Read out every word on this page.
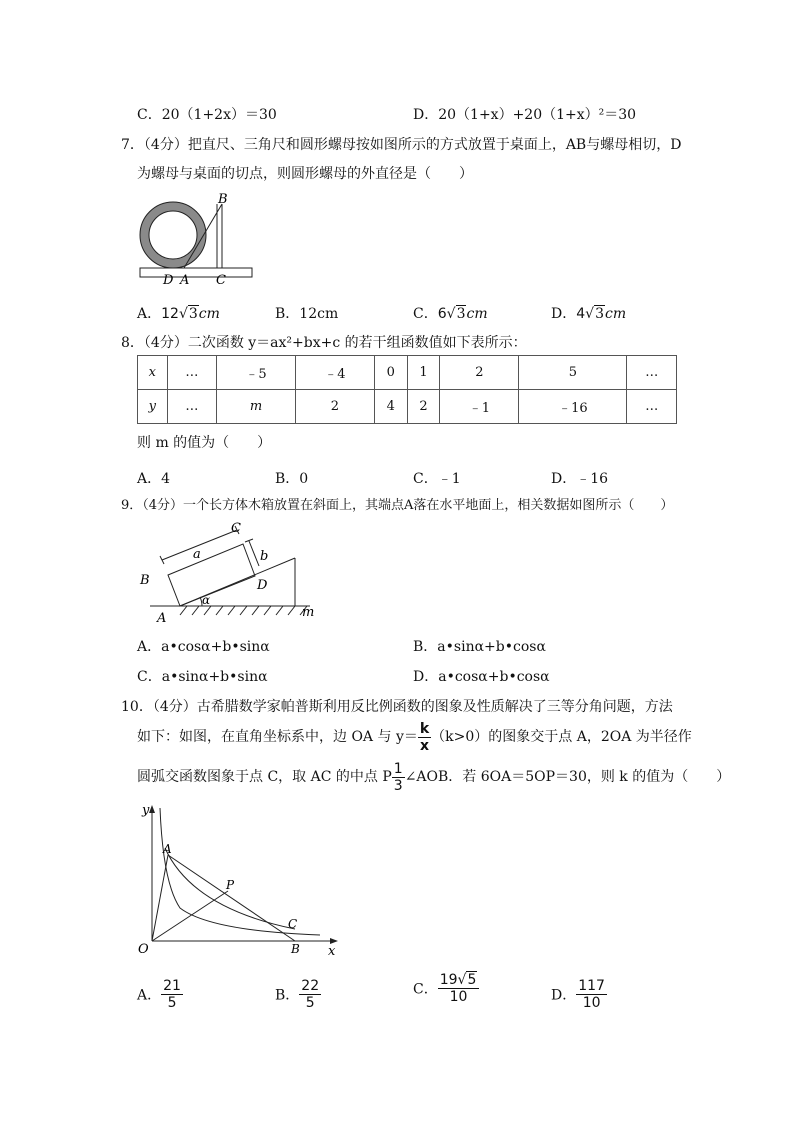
C．20（1+2x）＝30	D．20（1+x）+20（1+x）²＝30
7．（4分）把直尺、三角尺和圆形螺母按如图所示的方式放置于桌面上，AB与螺母相切，D
为螺母与桌面的切点，则圆形螺母的外直径是（　　）
B
D A C
A．12√3cm	B．12cm	C．6√3cm	D．4√3cm
8．（4分）二次函数 y＝ax²+bx+c 的若干组函数值如下表所示：
x	…	﹣5	﹣4	0	1	2	5	…
y	…	m	2	4	2	﹣1	﹣16	…
则 m 的值为（　　）
A．4	B．0	C．﹣1	D．﹣16
9．（4分）一个长方体木箱放置在斜面上，其端点A落在水平地面上，相关数据如图所示（　　）
C
a	b
B	D
α
A	m
A．a•cosα+b•sinα	B．a•sinα+b•cosα
C．a•sinα+b•sinα	D．a•cosα+b•cosα
10．（4分）古希腊数学家帕普斯利用反比例函数的图象及性质解决了三等分角问题，方法
如下：如图，在直角坐标系中，边 OA 与 $y= \frac{k}{x} (k>0)$的图象交于点 A，2OA 为半径作
圆弧交函数图象于点 C，取 AC 的中点 P $\frac{1}{3}$ ∠AOB．若 6OA＝5OP＝30，则 k 的值为（　　）
y
A
P
C
O	B x
A． $\frac{21}{5}$	B． $\frac{22}{5}$	C． $\frac{19√5}{10}$	D． $\frac{117}{10}$
